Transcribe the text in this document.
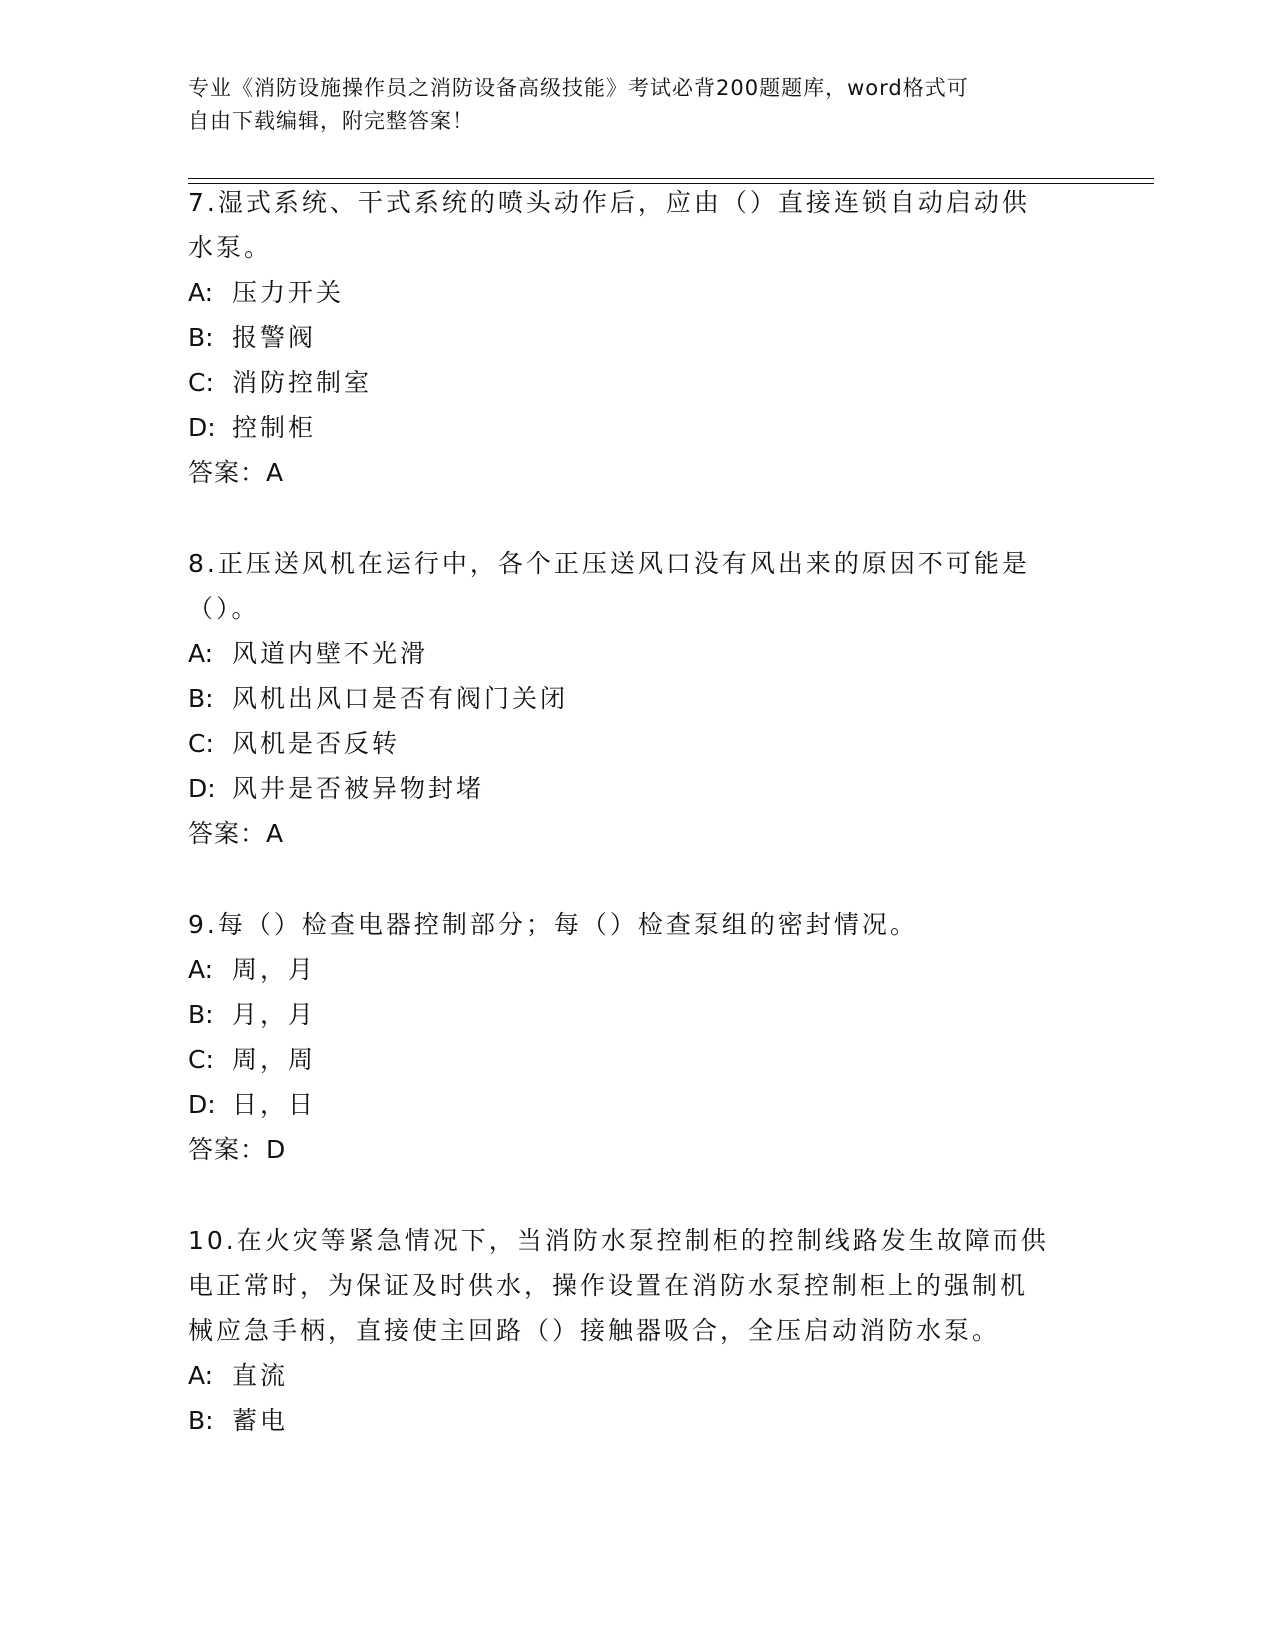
专业《消防设施操作员之消防设备高级技能》考试必背200题题库，word格式可
自由下载编辑，附完整答案！
7.湿式系统、干式系统的喷头动作后，应由（）直接连锁自动启动供
水泵。
A: 压力开关
B: 报警阀
C: 消防控制室
D: 控制柜
答案：A
8.正压送风机在运行中，各个正压送风口没有风出来的原因不可能是
（）。
A: 风道内壁不光滑
B: 风机出风口是否有阀门关闭
C: 风机是否反转
D: 风井是否被异物封堵
答案：A
9.每（）检查电器控制部分；每（）检查泵组的密封情况。
A: 周，月
B: 月，月
C: 周，周
D: 日，日
答案：D
10.在火灾等紧急情况下，当消防水泵控制柜的控制线路发生故障而供
电正常时，为保证及时供水，操作设置在消防水泵控制柜上的强制机
械应急手柄，直接使主回路（）接触器吸合，全压启动消防水泵。
A: 直流
B: 蓄电
